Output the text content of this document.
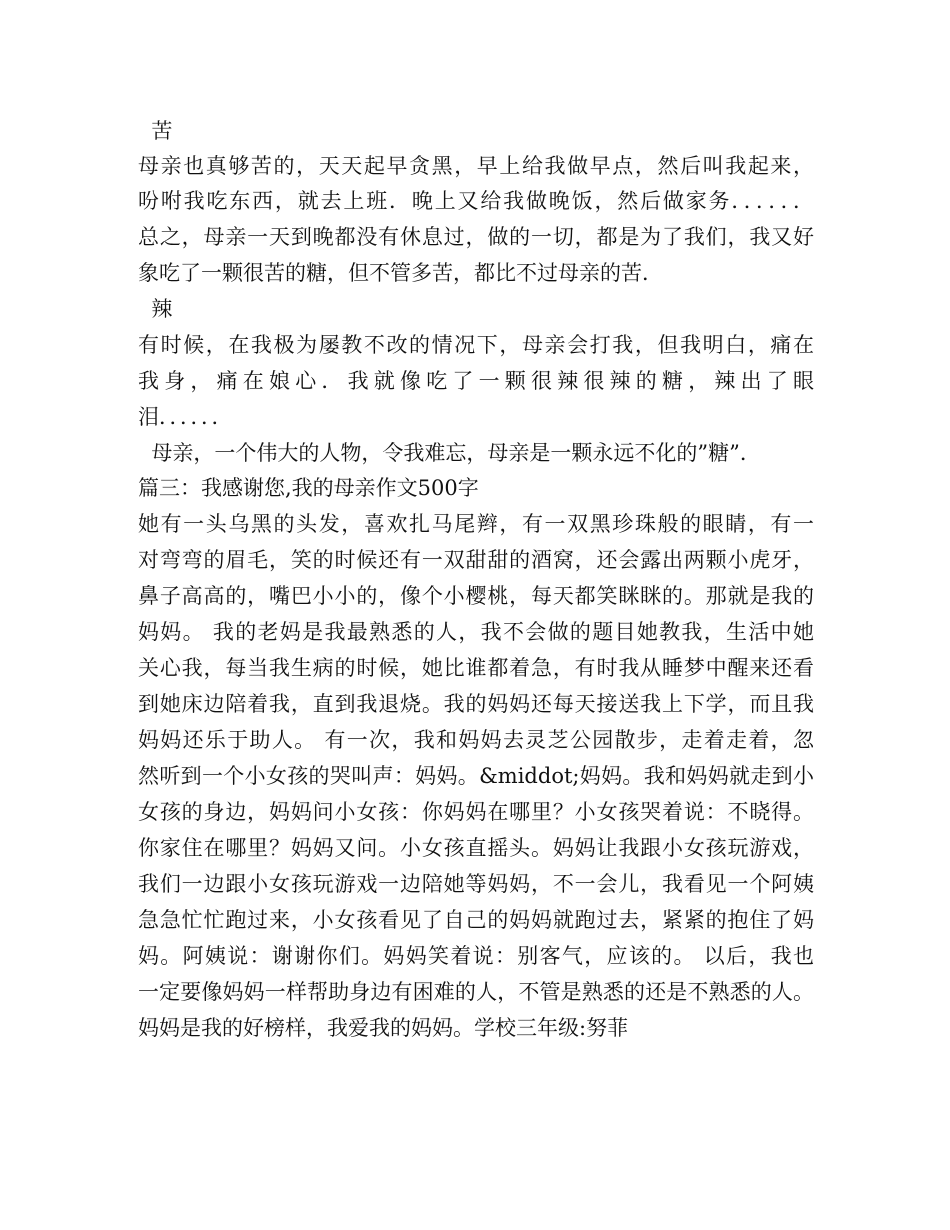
苦

母亲也真够苦的，天天起早贪黑，早上给我做早点，然后叫我起来，

吩咐我吃东西，就去上班．晚上又给我做晚饭，然后做家务．．．．．．

总之，母亲一天到晚都没有休息过，做的一切，都是为了我们，我又好

象吃了一颗很苦的糖，但不管多苦，都比不过母亲的苦．

辣

有时候，在我极为屡教不改的情况下，母亲会打我，但我明白，痛在

我身，痛在娘心．我就像吃了一颗很辣很辣的糖，辣出了眼

泪．．．．．．

母亲，一个伟大的人物，令我难忘，母亲是一颗永远不化的”糖”．

篇三：我感谢您,我的母亲作文500字

她有一头乌黑的头发，喜欢扎马尾辫，有一双黑珍珠般的眼睛，有一

对弯弯的眉毛，笑的时候还有一双甜甜的酒窝，还会露出两颗小虎牙，

鼻子高高的，嘴巴小小的，像个小樱桃，每天都笑眯眯的。那就是我的

妈妈。 我的老妈是我最熟悉的人，我不会做的题目她教我，生活中她

关心我，每当我生病的时候，她比谁都着急，有时我从睡梦中醒来还看

到她床边陪着我，直到我退烧。我的妈妈还每天接送我上下学，而且我

妈妈还乐于助人。 有一次，我和妈妈去灵芝公园散步，走着走着，忽

然听到一个小女孩的哭叫声：妈妈。&middot;妈妈。我和妈妈就走到小

女孩的身边，妈妈问小女孩：你妈妈在哪里？小女孩哭着说：不晓得。

你家住在哪里？妈妈又问。小女孩直摇头。妈妈让我跟小女孩玩游戏，

我们一边跟小女孩玩游戏一边陪她等妈妈，不一会儿，我看见一个阿姨

急急忙忙跑过来，小女孩看见了自己的妈妈就跑过去，紧紧的抱住了妈

妈。阿姨说：谢谢你们。妈妈笑着说：别客气，应该的。 以后，我也

一定要像妈妈一样帮助身边有困难的人，不管是熟悉的还是不熟悉的人。

妈妈是我的好榜样，我爱我的妈妈。学校三年级:努菲
